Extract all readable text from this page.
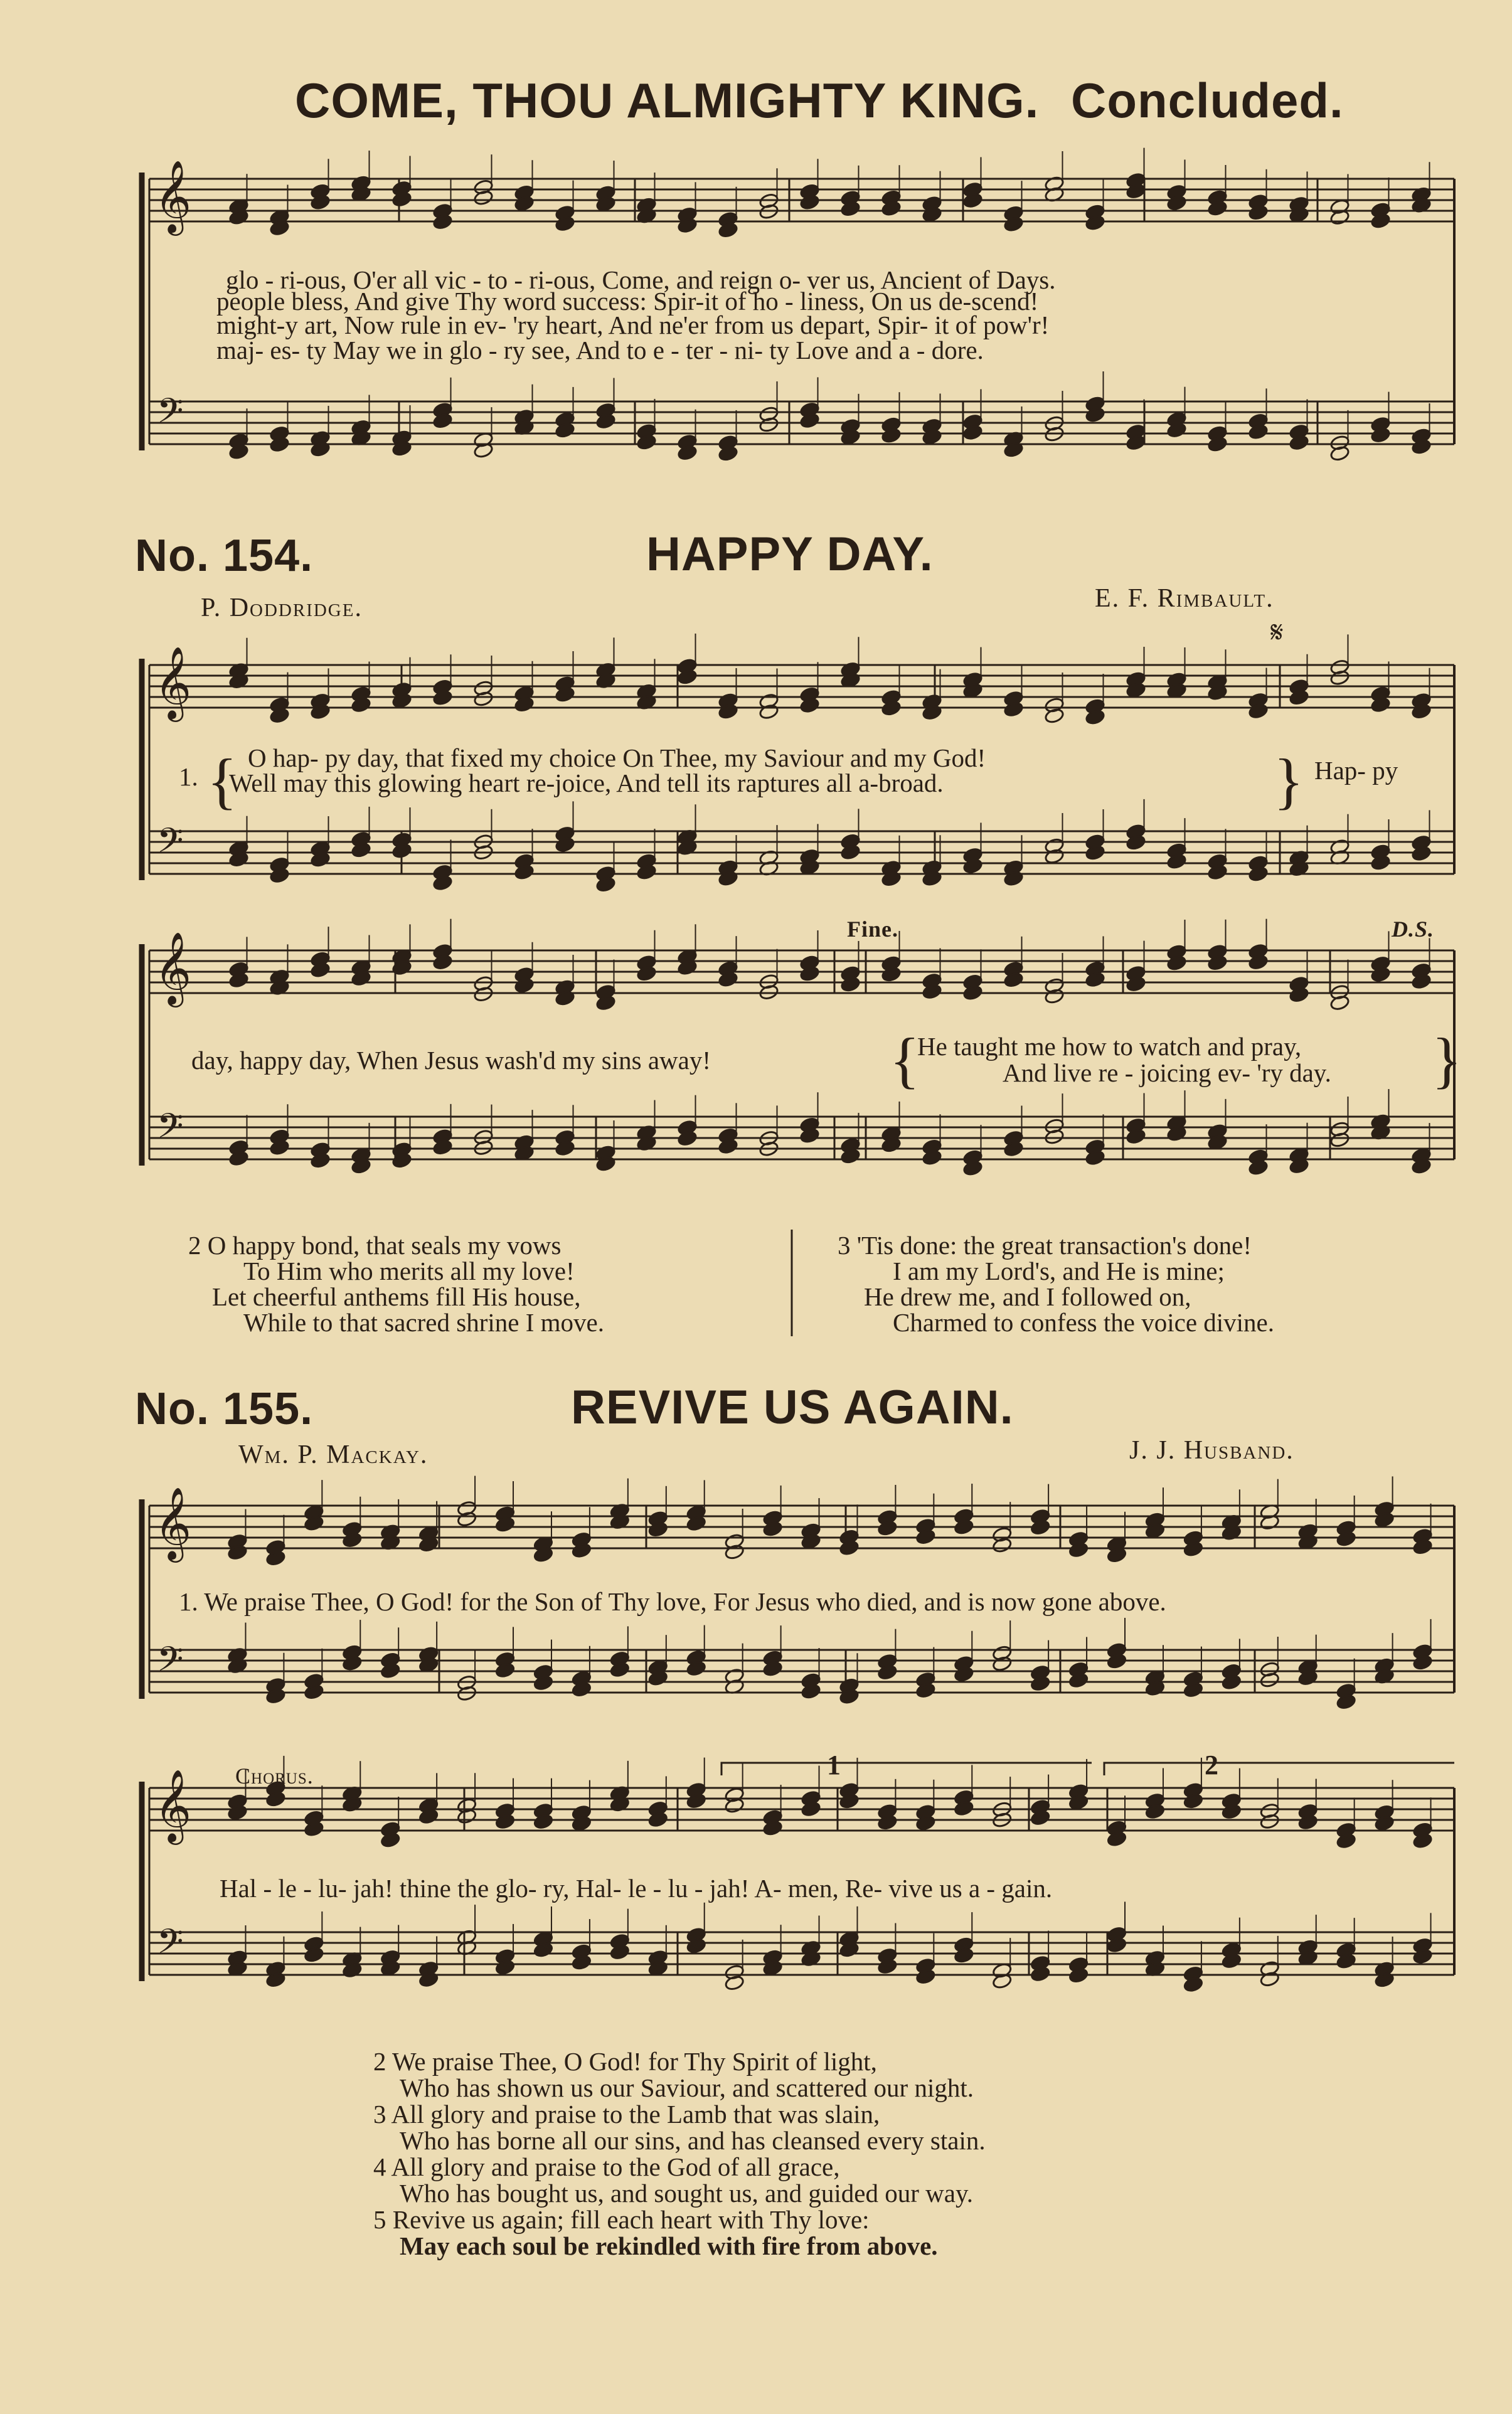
𝄞
𝄢
𝄞
𝄢
𝄞
𝄢
𝄞
𝄢
𝄞
𝄢
COME, THOU ALMIGHTY KING. Concluded.
glo - ri-ous, O'er all vic - to - ri-ous, Come, and reign o- ver us, Ancient of Days.
people bless, And give Thy word success: Spir-it of ho - liness, On us de-scend!
might-y art, Now rule in ev- 'ry heart, And ne'er from us depart, Spir- it of pow'r!
maj- es- ty May we in glo - ry see, And to e - ter - ni- ty Love and a - dore.
No. 154.	HAPPY DAY.
P. Doddridge.	E. F. Rimbault.
𝄋
1. { O hap- py day, that fixed my choice On Thee, my Saviour and my God!
Well may this glowing heart re-joice, And tell its raptures all a-broad.	} Hap- py
Fine.	D.S.
day, happy day, When Jesus wash'd my sins away!	{
He taught me how to watch and pray,
And live re - joicing ev- 'ry day. }
2 O happy bond, that seals my vows
To Him who merits all my love!
Let cheerful anthems fill His house,
While to that sacred shrine I move.
3 'Tis done: the great transaction's done!
I am my Lord's, and He is mine;
He drew me, and I followed on,
Charmed to confess the voice divine.
No. 155.	REVIVE US AGAIN.
Wm. P. Mackay.	J. J. Husband.
1. We praise Thee, O God! for the Son of Thy love, For Jesus who died, and is now gone above.
Chorus.	1	2
Hal - le - lu- jah! thine the glo- ry, Hal- le - lu - jah! A- men, Re- vive us a - gain.
2 We praise Thee, O God! for Thy Spirit of light,
Who has shown us our Saviour, and scattered our night.
3 All glory and praise to the Lamb that was slain,
Who has borne all our sins, and has cleansed every stain.
4 All glory and praise to the God of all grace,
Who has bought us, and sought us, and guided our way.
5 Revive us again; fill each heart with Thy love:
May each soul be rekindled with fire from above.
